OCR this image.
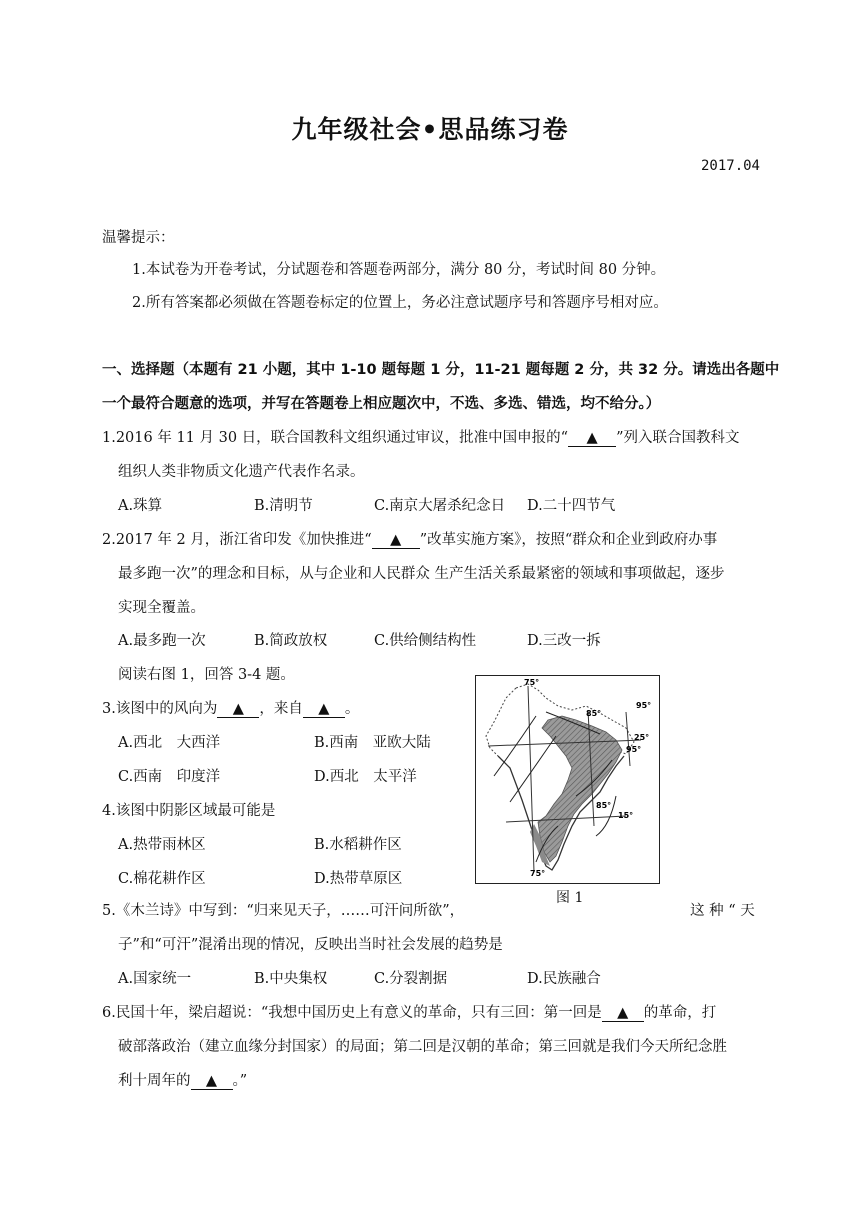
九年级社会•思品练习卷
2017.04
温馨提示：
1.本试卷为开卷考试，分试题卷和答题卷两部分，满分 80 分，考试时间 80 分钟。
2.所有答案都必须做在答题卷标定的位置上，务必注意试题序号和答题序号相对应。
一、选择题（本题有 21 小题，其中 1-10 题每题 1 分，11-21 题每题 2 分，共 32 分。请选出各题中
一个最符合题意的选项，并写在答题卷上相应题次中，不选、多选、错选，均不给分。）
1.2016 年 11 月 30 日，联合国教科文组织通过审议，批准中国申报的“ ▲ ”列入联合国教科文
组织人类非物质文化遗产代表作名录。
A.珠算	B.清明节	C.南京大屠杀纪念日 D.二十四节气
2.2017 年 2 月，浙江省印发《加快推进“ ▲ ”改革实施方案》，按照“群众和企业到政府办事
最多跑一次”的理念和目标，从与企业和人民群众 生产生活关系最紧密的领域和事项做起，逐步
实现全覆盖。
A.最多跑一次	B.简政放权	C.供给侧结构性	D.三改一拆
阅读右图 1，回答 3-4 题。
3.该图中的风向为 ▲ ，来自 ▲ 。
A.西北　大西洋	B.西南　亚欧大陆
C.西南　印度洋	D.西北　太平洋
4.该图中阴影区域最可能是
A.热带雨林区	B.水稻耕作区
C.棉花耕作区	D.热带草原区
75°
85°
95°
25°
95°
85°
15°
75°
图 1
5.《木兰诗》中写到：“归来见天子，……可汗问所欲”，	这 种 “ 天
子”和“可汗”混淆出现的情况，反映出当时社会发展的趋势是
A.国家统一	B.中央集权	C.分裂割据	D.民族融合
6.民国十年，梁启超说：“我想中国历史上有意义的革命，只有三回：第一回是 ▲ 的革命，打
破部落政治（建立血缘分封国家）的局面；第二回是汉朝的革命；第三回就是我们今天所纪念胜
利十周年的 ▲ 。”
